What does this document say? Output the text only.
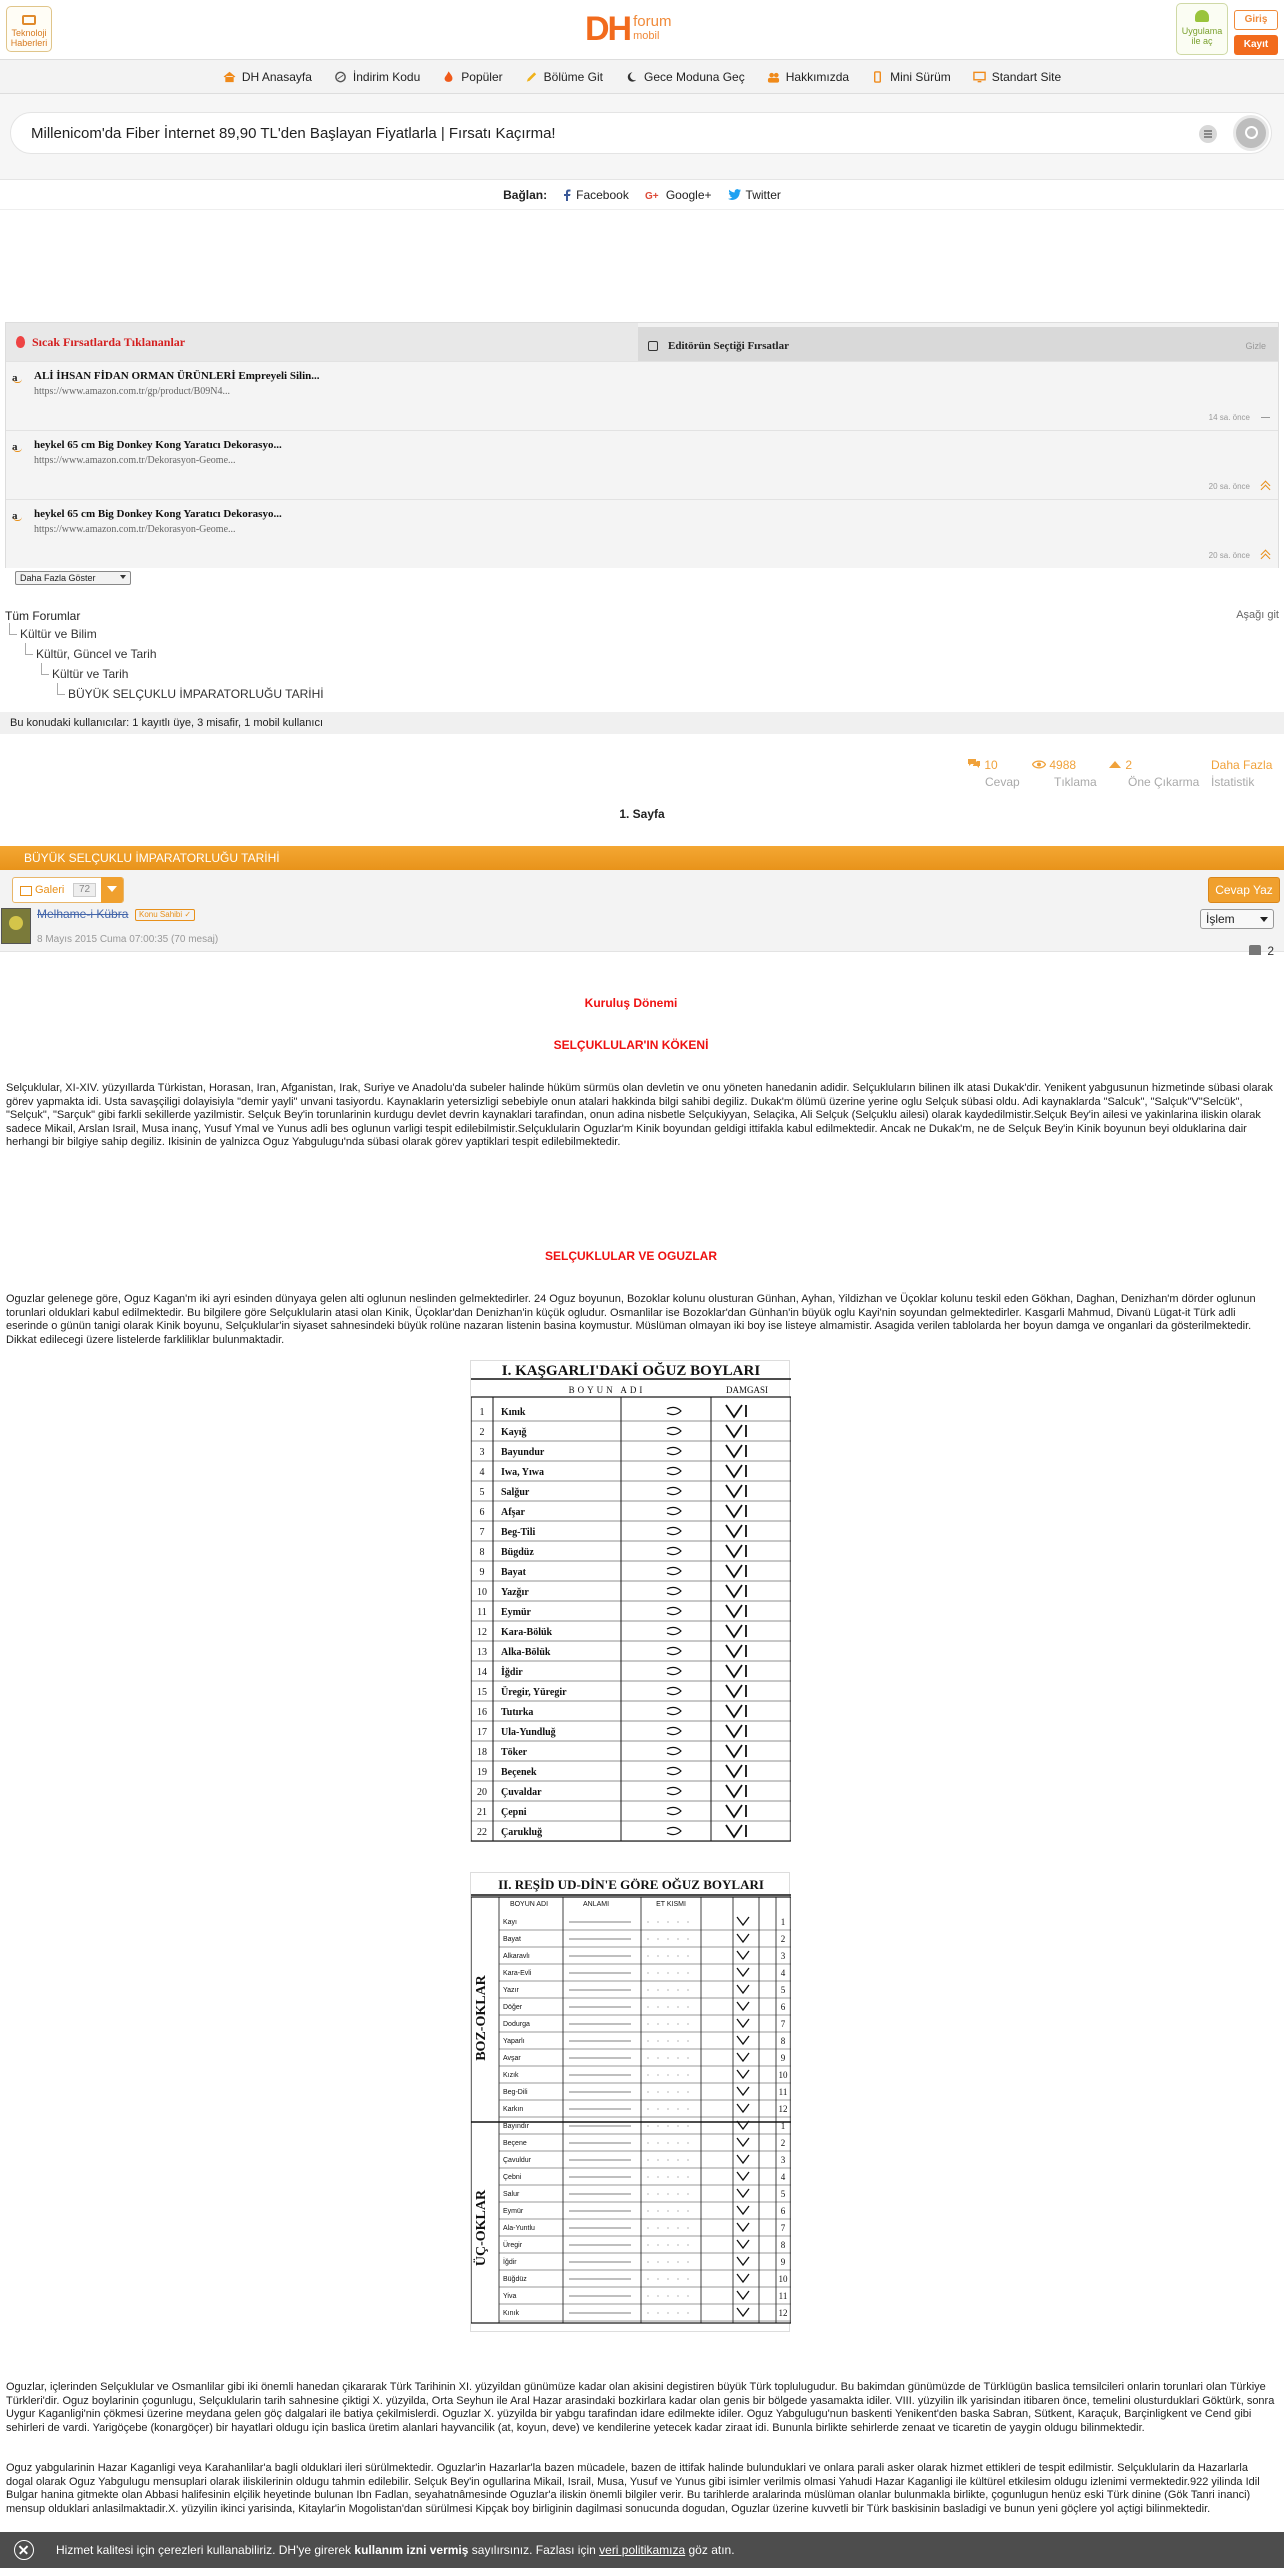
Teknoloji Haberleri	DH forum
mobil	Uygulama ile aç
Giriş
Kayıt
DH Anasayfa	İndirim Kodu	Popüler	Bölüme Git	Gece Moduna Geç	Hakkımızda	Mini Sürüm	Standart Site
Millenicom'da Fiber İnternet 89,90 TL'den Başlayan Fiyatlarla | Fırsatı Kaçırma!
Bağlan: Facebook G+ Google+	Twitter
Sıcak Fırsatlarda Tıklananlar	Editörün Seçtiği Fırsatlar	Gizle
a	ALİ İHSAN FİDAN ORMAN ÜRÜNLERİ Empreyeli Silin...
https://www.amazon.com.tr/gp/product/B09N4...
14 sa. önce
a	heykel 65 cm Big Donkey Kong Yaratıcı Dekorasyo...
https://www.amazon.com.tr/Dekorasyon-Geome...
20 sa. önce
a	heykel 65 cm Big Donkey Kong Yaratıcı Dekorasyo...
https://www.amazon.com.tr/Dekorasyon-Geome...
20 sa. önce
Daha Fazla Göster
Tüm Forumlar	Aşağı git
Kültür ve Bilim
Kültür, Güncel ve Tarih
Kültür ve Tarih
BÜYÜK SELÇUKLU İMPARATORLUĞU TARİHİ
Bu konudaki kullanıcılar: 1 kayıtlı üye, 3 misafir, 1 mobil kullanıcı
10
Cevap
4988
Tıklama
2
Öne Çıkarma
Daha Fazla
İstatistik
1. Sayfa
BÜYÜK SELÇUKLU İMPARATORLUĞU TARİHİ
Galeri	72	Cevap Yaz
Melhame-i Kübra	Konu Sahibi ✓
8 Mayıs 2015 Cuma 07:00:35 (70 mesaj)
İşlem
2
Kuruluş Dönemi
SELÇUKLULAR'IN KÖKENİ
Selçuklular, XI-XIV. yüzyıllarda Türkistan, Horasan, Iran, Afganistan, Irak, Suriye ve Anadolu'da subeler halinde hüküm sürmüs olan devletin ve onu yöneten hanedanin adidir. Selçukluların bilinen ilk atasi Dukak'dir. Yenikent yabgusunun hizmetinde sübasi olarak görev yapmakta idi. Usta savaşçiligi dolayisiyla "demir yayli" unvani tasiyordu. Kaynaklarin yetersizligi sebebiyle onun atalari hakkinda bilgi sahibi degiliz. Dukak'm ölümü üzerine yerine oglu Selçuk sübasi oldu. Adi kaynaklarda "Salcuk", "Salçuk"V"Selcük", "Selçuk", "Sarçuk" gibi farkli sekillerde yazilmistir. Selçuk Bey'in torunlarinin kurdugu devlet devrin kaynaklari tarafindan, onun adina nisbetle Selçukiyyan, Selaçika, Ali Selçuk (Selçuklu ailesi) olarak kaydedilmistir.Selçuk Bey'in ailesi ve yakinlarina iliskin olarak sadece Mikail, Arslan Israil, Musa inanç, Yusuf Ymal ve Yunus adli bes oglunun varligi tespit edilebilmistir.Selçuklularin Oguzlar'm Kinik boyundan geldigi ittifakla kabul edilmektedir. Ancak ne Dukak'm, ne de Selçuk Bey'in Kinik boyunun beyi olduklarina dair herhangi bir bilgiye sahip degiliz. Ikisinin de yalnizca Oguz Yabgulugu'nda sübasi olarak görev yaptiklari tespit edilebilmektedir.
SELÇUKLULAR VE OGUZLAR
Oguzlar gelenege göre, Oguz Kagan'm iki ayri esinden dünyaya gelen alti oglunun neslinden gelmektedirler. 24 Oguz boyunun, Bozoklar kolunu olusturan Günhan, Ayhan, Yildizhan ve Üçoklar kolunu teskil eden Gökhan, Daghan, Denizhan'm dörder oglunun torunlari olduklari kabul edilmektedir. Bu bilgilere göre Selçuklularin atasi olan Kinik, Üçoklar'dan Denizhan'in küçük ogludur. Osmanlilar ise Bozoklar'dan Günhan'in büyük oglu Kayi'nin soyundan gelmektedirler. Kasgarli Mahmud, Divanü Lügat-it Türk adli eserinde o günün tanigi olarak Kinik boyunu, Selçuklular'in siyaset sahnesindeki büyük rolüne nazaran listenin basina koymustur. Müslüman olmayan iki boy ise listeye almamistir. Asagida verilen tablolarda her boyun damga ve onganlari da gösterilmektedir. Dikkat edilecegi üzere listelerde farkliliklar bulunmaktadir.
Oguzlar, içlerinden Selçuklular ve Osmanlilar gibi iki önemli hanedan çikararak Türk Tarihinin XI. yüzyildan günümüze kadar olan akisini degistiren büyük Türk toplulugudur. Bu bakimdan günümüzde de Türklügün baslica temsilcileri onlarin torunlari olan Türkiye Türkleri'dir. Oguz boylarinin çogunlugu, Selçuklularin tarih sahnesine çiktigi X. yüzyilda, Orta Seyhun ile Aral Hazar arasindaki bozkirlara kadar olan genis bir bölgede yasamakta idiler. VIII. yüzyilin ilk yarisindan itibaren önce, temelini olusturduklari Göktürk, sonra Uygur Kaganligi'nin çökmesi üzerine meydana gelen göç dalgalari ile batiya çekilmislerdi. Oguzlar X. yüzyilda bir yabgu tarafindan idare edilmekte idiler. Oguz Yabgulugu'nun baskenti Yenikent'den baska Sabran, Sütkent, Karaçuk, Barçinligkent ve Cend gibi sehirleri de vardi. Yarigöçebe (konargöçer) bir hayatlari oldugu için baslica üretim alanlari hayvancilik (at, koyun, deve) ve kendilerine yetecek kadar ziraat idi. Bununla birlikte sehirlerde zenaat ve ticaretin de yaygin oldugu bilinmektedir.
Oguz yabgularinin Hazar Kaganligi veya Karahanlilar'a bagli olduklari ileri sürülmektedir. Oguzlar'in Hazarlar'la bazen mücadele, bazen de ittifak halinde bulunduklari ve onlara parali asker olarak hizmet ettikleri de tespit edilmistir. Selçuklularin da Hazarlarla dogal olarak Oguz Yabgulugu mensuplari olarak iliskilerinin oldugu tahmin edilebilir. Selçuk Bey'in ogullarina Mikail, Israil, Musa, Yusuf ve Yunus gibi isimler verilmis olmasi Yahudi Hazar Kaganligi ile kültürel etkilesim oldugu izlenimi vermektedir.922 yilinda Idil Bulgar hanina gitmekte olan Abbasi halifesinin elçilik heyetinde bulunan Ibn Fadlan, seyahatnâmesinde Oguzlar'a iliskin önemli bilgiler verir. Bu tarihlerde aralarinda müslüman olanlar bulunmakla birlikte, çogunlugun henüz eski Türk dinine (Gök Tanri inanci) mensup olduklari anlasilmaktadir.X. yüzyilin ikinci yarisinda, Kitaylar'in Mogolistan'dan sürülmesi Kipçak boy birliginin dagilmasi sonucunda dogudan, Oguzlar üzerine kuvvetli bir Türk baskisinin basladigi ve bunun yeni göçlere yol açtigi bilinmektedir.
I. KAŞGARLI'DAKİ OĞUZ BOYLARI
BOYUN ADI	DAMGASI
1 Kınık
2 Kayığ
3 Bayundur
4 Iwa, Yıwa
5 Salğur
6 Afşar
7 Beg-Tili
8 Bügdüz
9 Bayat
10 Yazğır
11 Eymür
12 Kara-Bölük
13 Alka-Bölük
14 İğdir
15 Üregir, Yüregir
16 Tutırka
17 Ula-Yundluğ
18 Töker
19 Beçenek
20 Çuvaldar
21 Çepni
22 Çarukluğ
II. REŞİD UD-DİN'E GÖRE OĞUZ BOYLARI
BOYUN ADI	ANLAMI	ET KISMI
BOZ-OKLAR
ÜÇ-OKLAR
Kayı	1
Bayat	2
Alkaravlı	3
Kara-Evli	4
Yazır	5
Döğer	6
Dodurga	7
Yaparlı	8
Avşar	9
Kızık	10
Beg-Dili	11
Karkın	12
Bayındır	1
Beçene	2
Çavuldur	3
Çebni	4
Salur	5
Eymür	6
Ala-Yuntlu	7
Üregir	8
İğdir	9
Büğdüz	10
Yiva	11
Kınık	12
Hizmet kalitesi için çerezleri kullanabiliriz. DH'ye girerek kullanım izni vermiş sayılırsınız. Fazlası için veri politikamıza göz atın.
